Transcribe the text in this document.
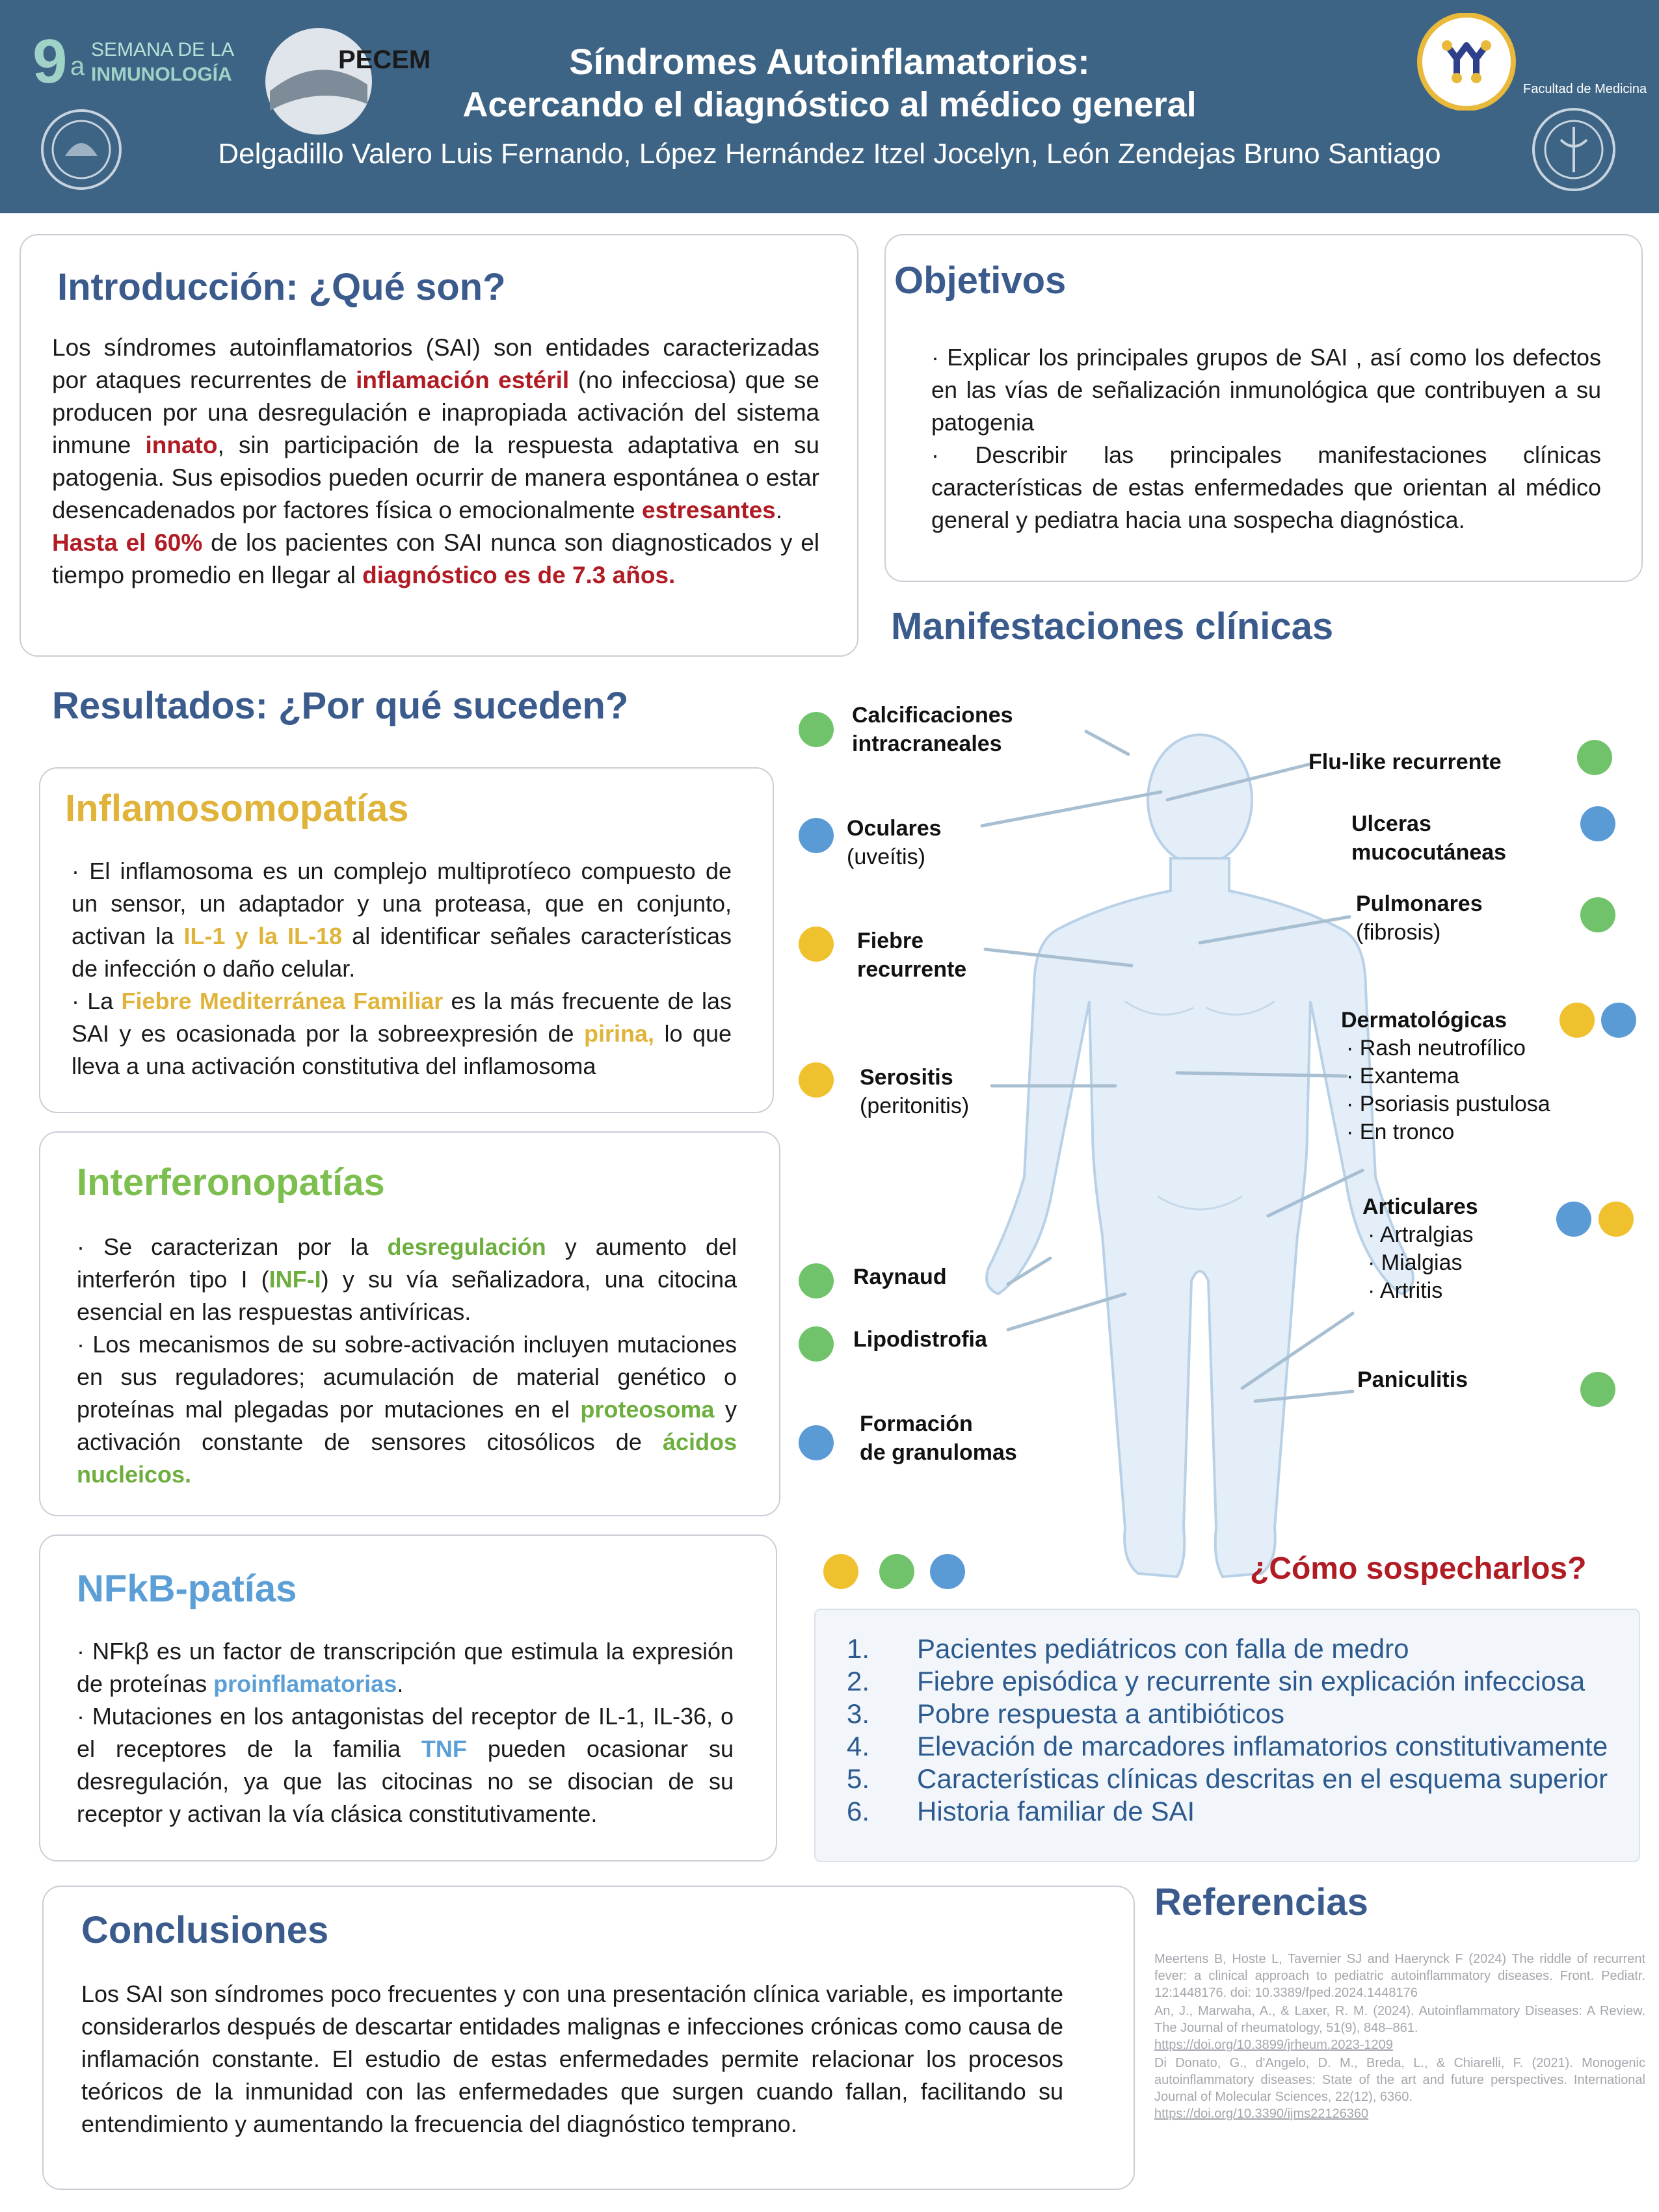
9 a
SEMANA DE LA
INMUNOLOGÍA
PECEM	Síndromes Autoinflamatorios:
Acercando el diagnóstico al médico general
Delgadillo Valero Luis Fernando, López Hernández Itzel Jocelyn, León Zendejas Bruno Santiago
Facultad de Medicina
Introducción: ¿Qué son?
Los síndromes autoinflamatorios (SAI) son entidades caracterizadas por ataques recurrentes de inflamación estéril (no infecciosa) que se producen por una desregulación e inapropiada activación del sistema inmune innato, sin participación de la respuesta adaptativa en su patogenia. Sus episodios pueden ocurrir de manera espontánea o estar desencadenados por factores física o emocionalmente estresantes.
Hasta el 60% de los pacientes con SAI nunca son diagnosticados y el tiempo promedio en llegar al diagnóstico es de 7.3 años.
Objetivos
· Explicar los principales grupos de SAI , así como los defectos en las vías de señalización inmunológica que contribuyen a su patogenia
· Describir las principales manifestaciones clínicas características de estas enfermedades que orientan al médico general y pediatra hacia una sospecha diagnóstica.
Resultados: ¿Por qué suceden?
Inflamosomopatías
· El inflamosoma es un complejo multiprotíeco compuesto de un sensor, un adaptador y una proteasa, que en conjunto, activan la IL-1 y la IL-18 al identificar señales características de infección o daño celular.
· La Fiebre Mediterránea Familiar es la más frecuente de las SAI y es ocasionada por la sobreexpresión de pirina, lo que lleva a una activación constitutiva del inflamosoma
Interferonopatías
· Se caracterizan por la desregulación y aumento del interferón tipo I (INF-I) y su vía señalizadora, una citocina esencial en las respuestas antivíricas.
· Los mecanismos de su sobre-activación incluyen mutaciones en sus reguladores; acumulación de material genético o proteínas mal plegadas por mutaciones en el proteosoma y activación constante de sensores citosólicos de ácidos nucleicos.
NFkB-patías
· NFkβ es un factor de transcripción que estimula la expresión de proteínas proinflamatorias.
· Mutaciones en los antagonistas del receptor de IL-1, IL-36, o el receptores de la familia TNF pueden ocasionar su desregulación, ya que las citocinas no se disocian de su receptor y activan la vía clásica constitutivamente.
Manifestaciones clínicas
Calcificaciones
intracraneales
Oculares
(uveítis)
Fiebre
recurrente
Serositis
(peritonitis)
Raynaud
Lipodistrofia
Formación
de granulomas
Flu-like recurrente
Ulceras
mucocutáneas
Pulmonares
(fibrosis)
Dermatológicas
· Rash neutrofílico
· Exantema
· Psoriasis pustulosa
· En tronco
Articulares
· Artralgias
· Mialgias
· Artritis
Paniculitis
¿Cómo sospecharlos?
1. Pacientes pediátricos con falla de medro
2. Fiebre episódica y recurrente sin explicación infecciosa
3. Pobre respuesta a antibióticos
4. Elevación de marcadores inflamatorios constitutivamente
5. Características clínicas descritas en el esquema superior
6. Historia familiar de SAI
Conclusiones
Los SAI son síndromes poco frecuentes y con una presentación clínica variable, es importante considerarlos después de descartar entidades malignas e infecciones crónicas como causa de inflamación constante. El estudio de estas enfermedades permite relacionar los procesos teóricos de la inmunidad con las enfermedades que surgen cuando fallan, facilitando su entendimiento y aumentando la frecuencia del diagnóstico temprano.
Referencias
Meertens B, Hoste L, Tavernier SJ and Haerynck F (2024) The riddle of recurrent fever: a clinical approach to pediatric autoinflammatory diseases. Front. Pediatr. 12:1448176. doi: 10.3389/fped.2024.1448176
An, J., Marwaha, A., & Laxer, R. M. (2024). Autoinflammatory Diseases: A Review. The Journal of rheumatology, 51(9), 848–861.
https://doi.org/10.3899/jrheum.2023-1209
Di Donato, G., d'Angelo, D. M., Breda, L., & Chiarelli, F. (2021). Monogenic autoinflammatory diseases: State of the art and future perspectives. International Journal of Molecular Sciences, 22(12), 6360.
https://doi.org/10.3390/ijms22126360
